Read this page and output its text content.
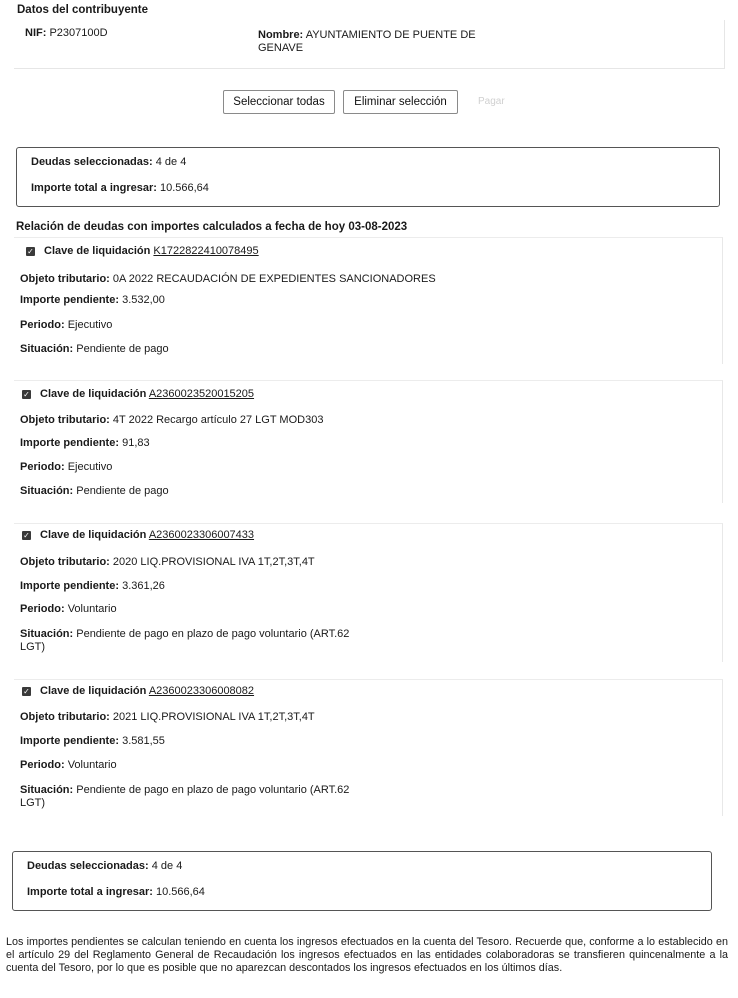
Datos del contribuyente
NIF: P2307100D	Nombre: AYUNTAMIENTO DE PUENTE DE GENAVE
Seleccionar todas	Eliminar selección	Pagar
Deudas seleccionadas: 4 de 4
Importe total a ingresar: 10.566,64
Relación de deudas con importes calculados a fecha de hoy 03-08-2023
✓ Clave de liquidación K1722822410078495
Objeto tributario: 0A 2022 RECAUDACIÓN DE EXPEDIENTES SANCIONADORES
Importe pendiente: 3.532,00
Periodo: Ejecutivo
Situación: Pendiente de pago
✓ Clave de liquidación A2360023520015205
Objeto tributario: 4T 2022 Recargo artículo 27 LGT MOD303
Importe pendiente: 91,83
Periodo: Ejecutivo
Situación: Pendiente de pago
✓ Clave de liquidación A2360023306007433
Objeto tributario: 2020 LIQ.PROVISIONAL IVA 1T,2T,3T,4T
Importe pendiente: 3.361,26
Periodo: Voluntario
Situación: Pendiente de pago en plazo de pago voluntario (ART.62 LGT)
✓ Clave de liquidación A2360023306008082
Objeto tributario: 2021 LIQ.PROVISIONAL IVA 1T,2T,3T,4T
Importe pendiente: 3.581,55
Periodo: Voluntario
Situación: Pendiente de pago en plazo de pago voluntario (ART.62 LGT)
Deudas seleccionadas: 4 de 4
Importe total a ingresar: 10.566,64
Los importes pendientes se calculan teniendo en cuenta los ingresos efectuados en la cuenta del Tesoro. Recuerde que, conforme a lo establecido en el artículo 29 del Reglamento General de Recaudación los ingresos efectuados en las entidades colaboradoras se transfieren quincenalmente a la cuenta del Tesoro, por lo que es posible que no aparezcan descontados los ingresos efectuados en los últimos días.
